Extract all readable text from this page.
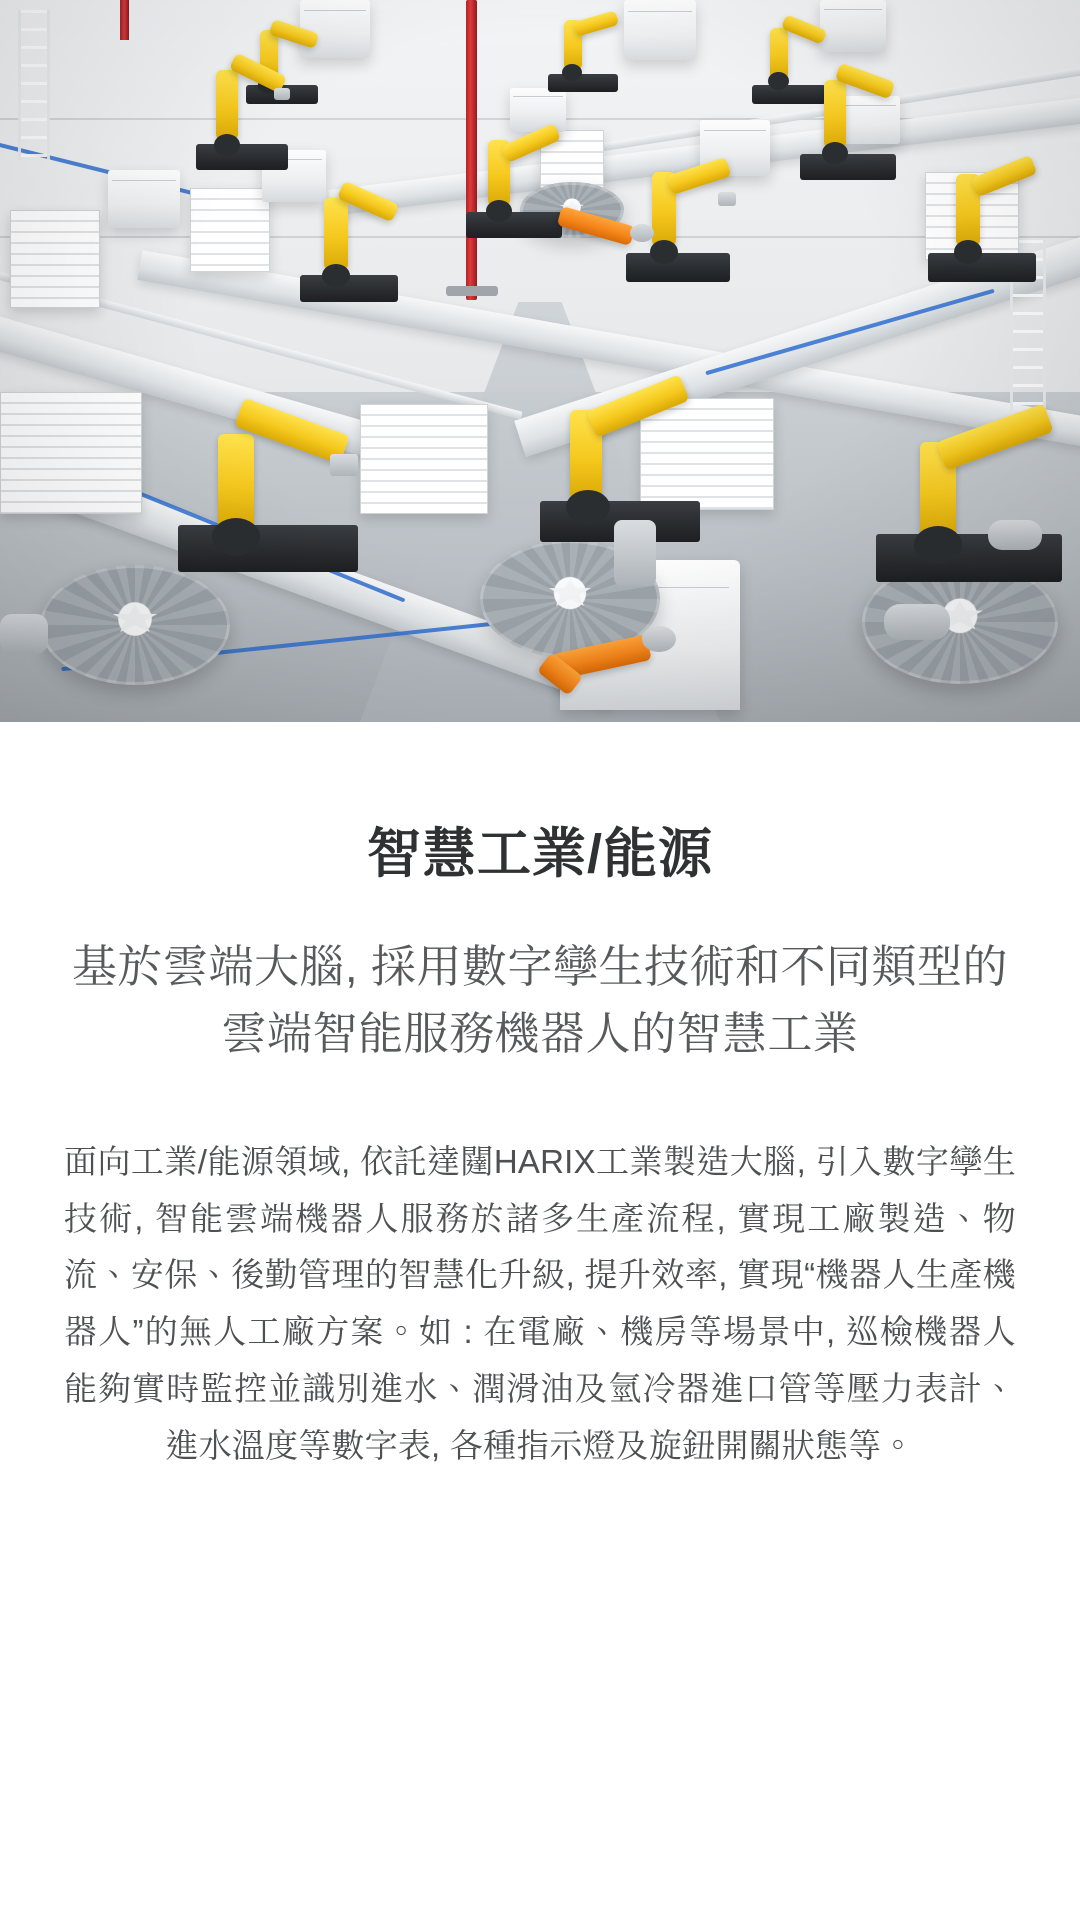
智慧工業/能源

基於雲端大腦, 採用數字孿生技術和不同類型的雲端智能服務機器人的智慧工業

面向工業/能源領域, 依託達闥HARIX工業製造大腦, 引入數字孿生技術, 智能雲端機器人服務於諸多生產流程, 實現工廠製造、物流、安保、後勤管理的智慧化升級, 提升效率, 實現“機器人生產機器人”的無人工廠方案。如 : 在電廠、機房等場景中, 巡檢機器人能夠實時監控並識別進水、潤滑油及氫冷器進口管等壓力表計、進水溫度等數字表, 各種指示燈及旋鈕開關狀態等。
